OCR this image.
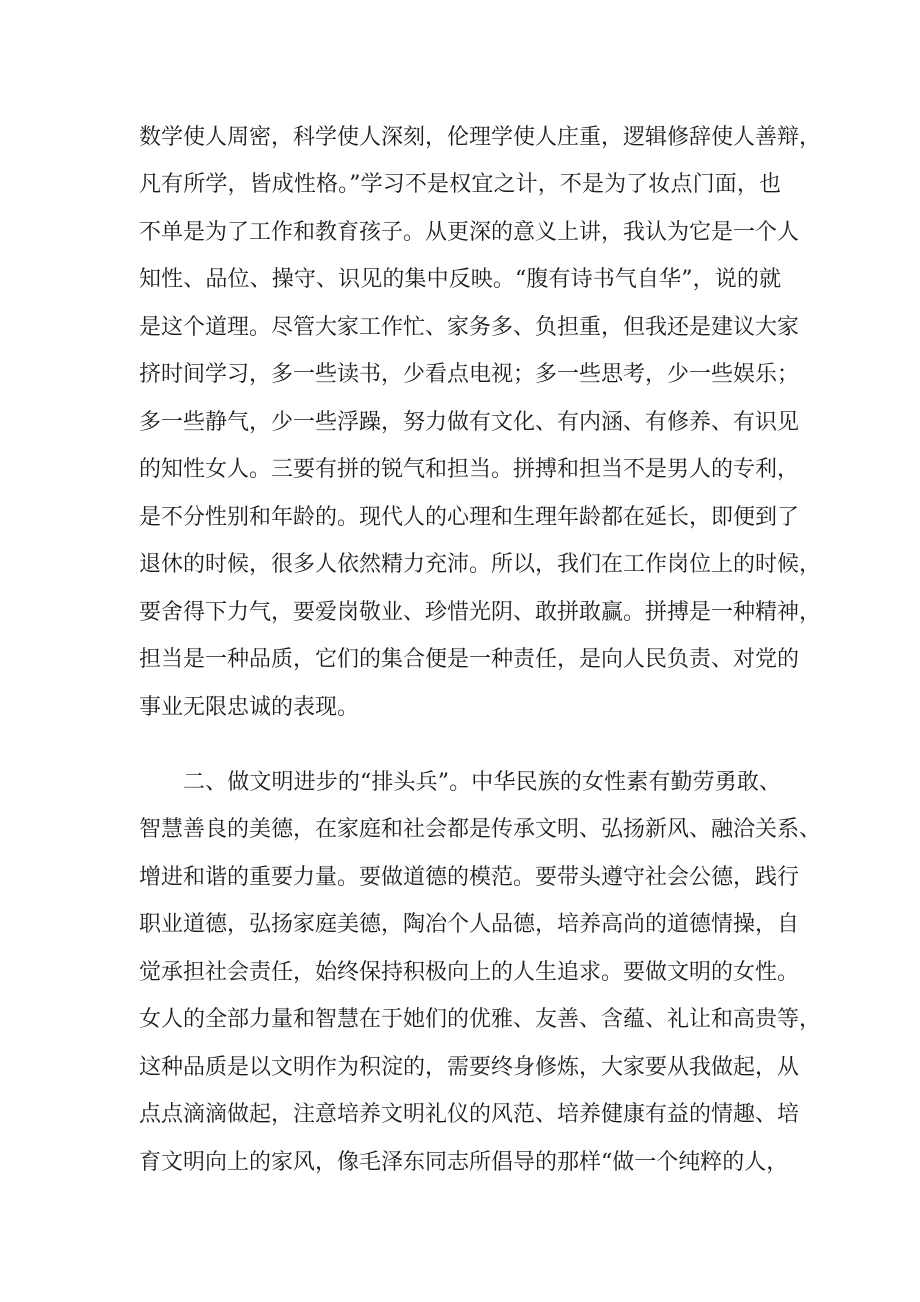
数学使人周密，科学使人深刻，伦理学使人庄重，逻辑修辞使人善辩，
凡有所学，皆成性格。”学习不是权宜之计，不是为了妆点门面，也
不单是为了工作和教育孩子。从更深的意义上讲，我认为它是一个人
知性、品位、操守、识见的集中反映。“腹有诗书气自华”，说的就
是这个道理。尽管大家工作忙、家务多、负担重，但我还是建议大家
挤时间学习，多一些读书，少看点电视；多一些思考，少一些娱乐；
多一些静气，少一些浮躁，努力做有文化、有内涵、有修养、有识见
的知性女人。三要有拼的锐气和担当。拼搏和担当不是男人的专利，
是不分性别和年龄的。现代人的心理和生理年龄都在延长，即便到了
退休的时候，很多人依然精力充沛。所以，我们在工作岗位上的时候，
要舍得下力气，要爱岗敬业、珍惜光阴、敢拼敢赢。拼搏是一种精神，
担当是一种品质，它们的集合便是一种责任，是向人民负责、对党的
事业无限忠诚的表现。
二、做文明进步的“排头兵”。中华民族的女性素有勤劳勇敢、
智慧善良的美德，在家庭和社会都是传承文明、弘扬新风、融洽关系、
增进和谐的重要力量。要做道德的模范。要带头遵守社会公德，践行
职业道德，弘扬家庭美德，陶冶个人品德，培养高尚的道德情操，自
觉承担社会责任，始终保持积极向上的人生追求。要做文明的女性。
女人的全部力量和智慧在于她们的优雅、友善、含蕴、礼让和高贵等，
这种品质是以文明作为积淀的，需要终身修炼，大家要从我做起，从
点点滴滴做起，注意培养文明礼仪的风范、培养健康有益的情趣、培
育文明向上的家风，像毛泽东同志所倡导的那样“做一个纯粹的人，
